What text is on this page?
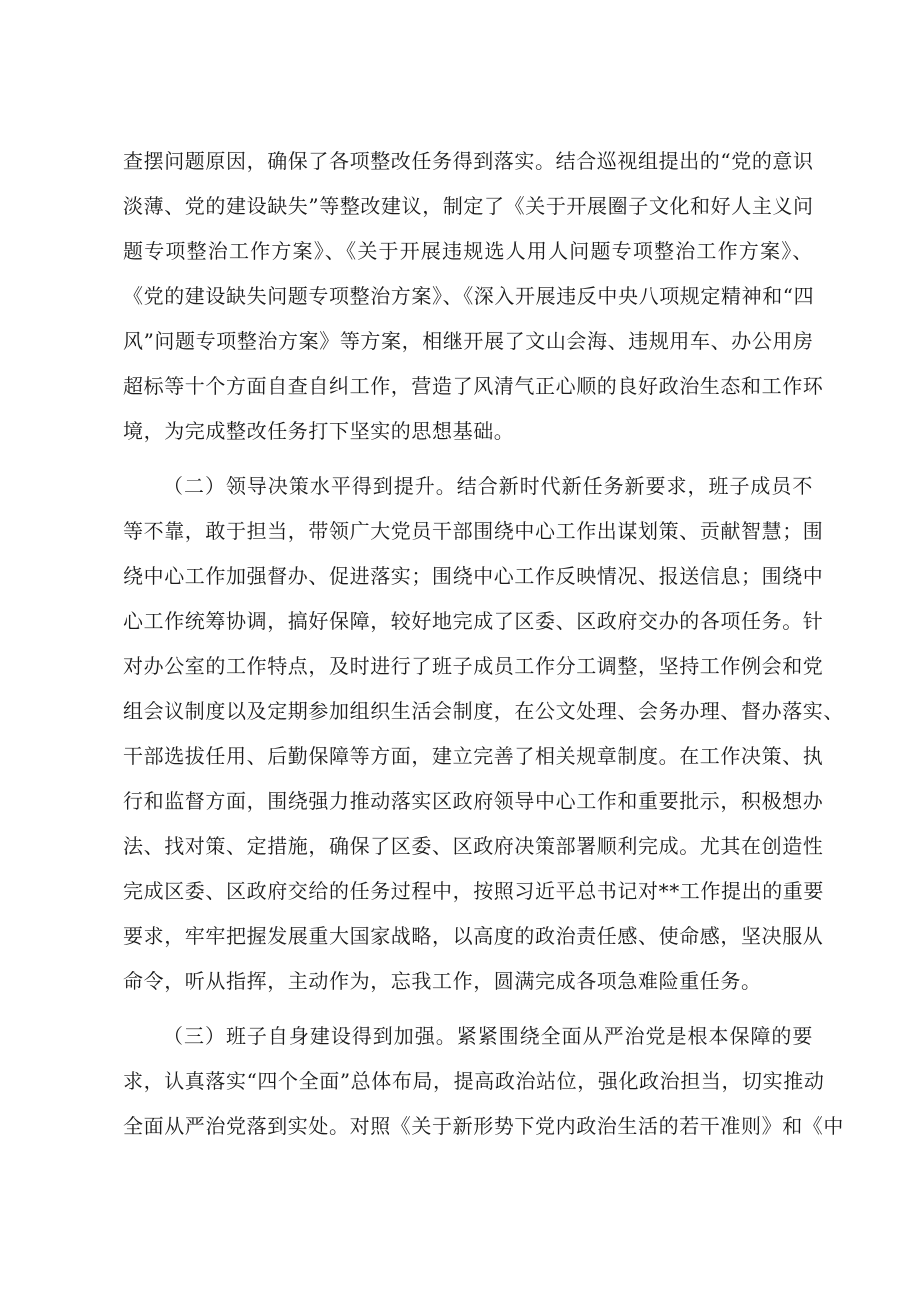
查摆问题原因，确保了各项整改任务得到落实。结合巡视组提出的“党的意识
淡薄、党的建设缺失”等整改建议，制定了《关于开展圈子文化和好人主义问
题专项整治工作方案》、《关于开展违规选人用人问题专项整治工作方案》、
《党的建设缺失问题专项整治方案》、《深入开展违反中央八项规定精神和“四
风”问题专项整治方案》等方案，相继开展了文山会海、违规用车、办公用房
超标等十个方面自查自纠工作，营造了风清气正心顺的良好政治生态和工作环
境，为完成整改任务打下坚实的思想基础。
（二）领导决策水平得到提升。结合新时代新任务新要求，班子成员不
等不靠，敢于担当，带领广大党员干部围绕中心工作出谋划策、贡献智慧；围
绕中心工作加强督办、促进落实；围绕中心工作反映情况、报送信息；围绕中
心工作统筹协调，搞好保障，较好地完成了区委、区政府交办的各项任务。针
对办公室的工作特点，及时进行了班子成员工作分工调整，坚持工作例会和党
组会议制度以及定期参加组织生活会制度，在公文处理、会务办理、督办落实、
干部选拔任用、后勤保障等方面，建立完善了相关规章制度。在工作决策、执
行和监督方面，围绕强力推动落实区政府领导中心工作和重要批示，积极想办
法、找对策、定措施，确保了区委、区政府决策部署顺利完成。尤其在创造性
完成区委、区政府交给的任务过程中，按照习近平总书记对**工作提出的重要
要求，牢牢把握发展重大国家战略，以高度的政治责任感、使命感，坚决服从
命令，听从指挥，主动作为，忘我工作，圆满完成各项急难险重任务。
（三）班子自身建设得到加强。紧紧围绕全面从严治党是根本保障的要
求，认真落实“四个全面”总体布局，提高政治站位，强化政治担当，切实推动
全面从严治党落到实处。对照《关于新形势下党内政治生活的若干准则》和《中
